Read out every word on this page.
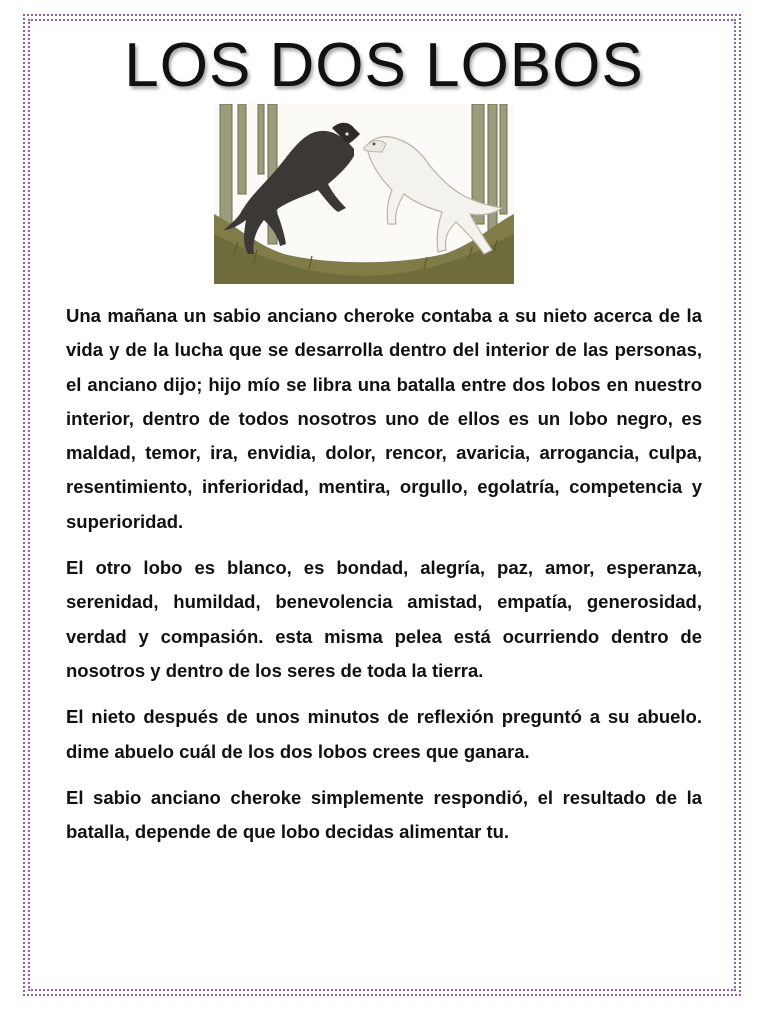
LOS DOS LOBOS

Una mañana un sabio anciano cheroke contaba a su nieto acerca de la vida y de la lucha que se desarrolla dentro del interior de las personas, el anciano dijo; hijo mío se libra una batalla entre dos lobos en nuestro interior, dentro de todos nosotros uno de ellos es un lobo negro, es maldad, temor, ira, envidia, dolor, rencor, avaricia, arrogancia, culpa, resentimiento, inferioridad, mentira, orgullo, egolatría, competencia y superioridad.

El otro lobo es blanco, es bondad, alegría, paz, amor, esperanza, serenidad, humildad, benevolencia amistad, empatía, generosidad, verdad y compasión. esta misma pelea está ocurriendo dentro de nosotros y dentro de los seres de toda la tierra.

El nieto después de unos minutos de reflexión preguntó a su abuelo. dime abuelo cuál de los dos lobos crees que ganara.

El sabio anciano cheroke simplemente respondió, el resultado de la batalla, depende de que lobo decidas alimentar tu.
